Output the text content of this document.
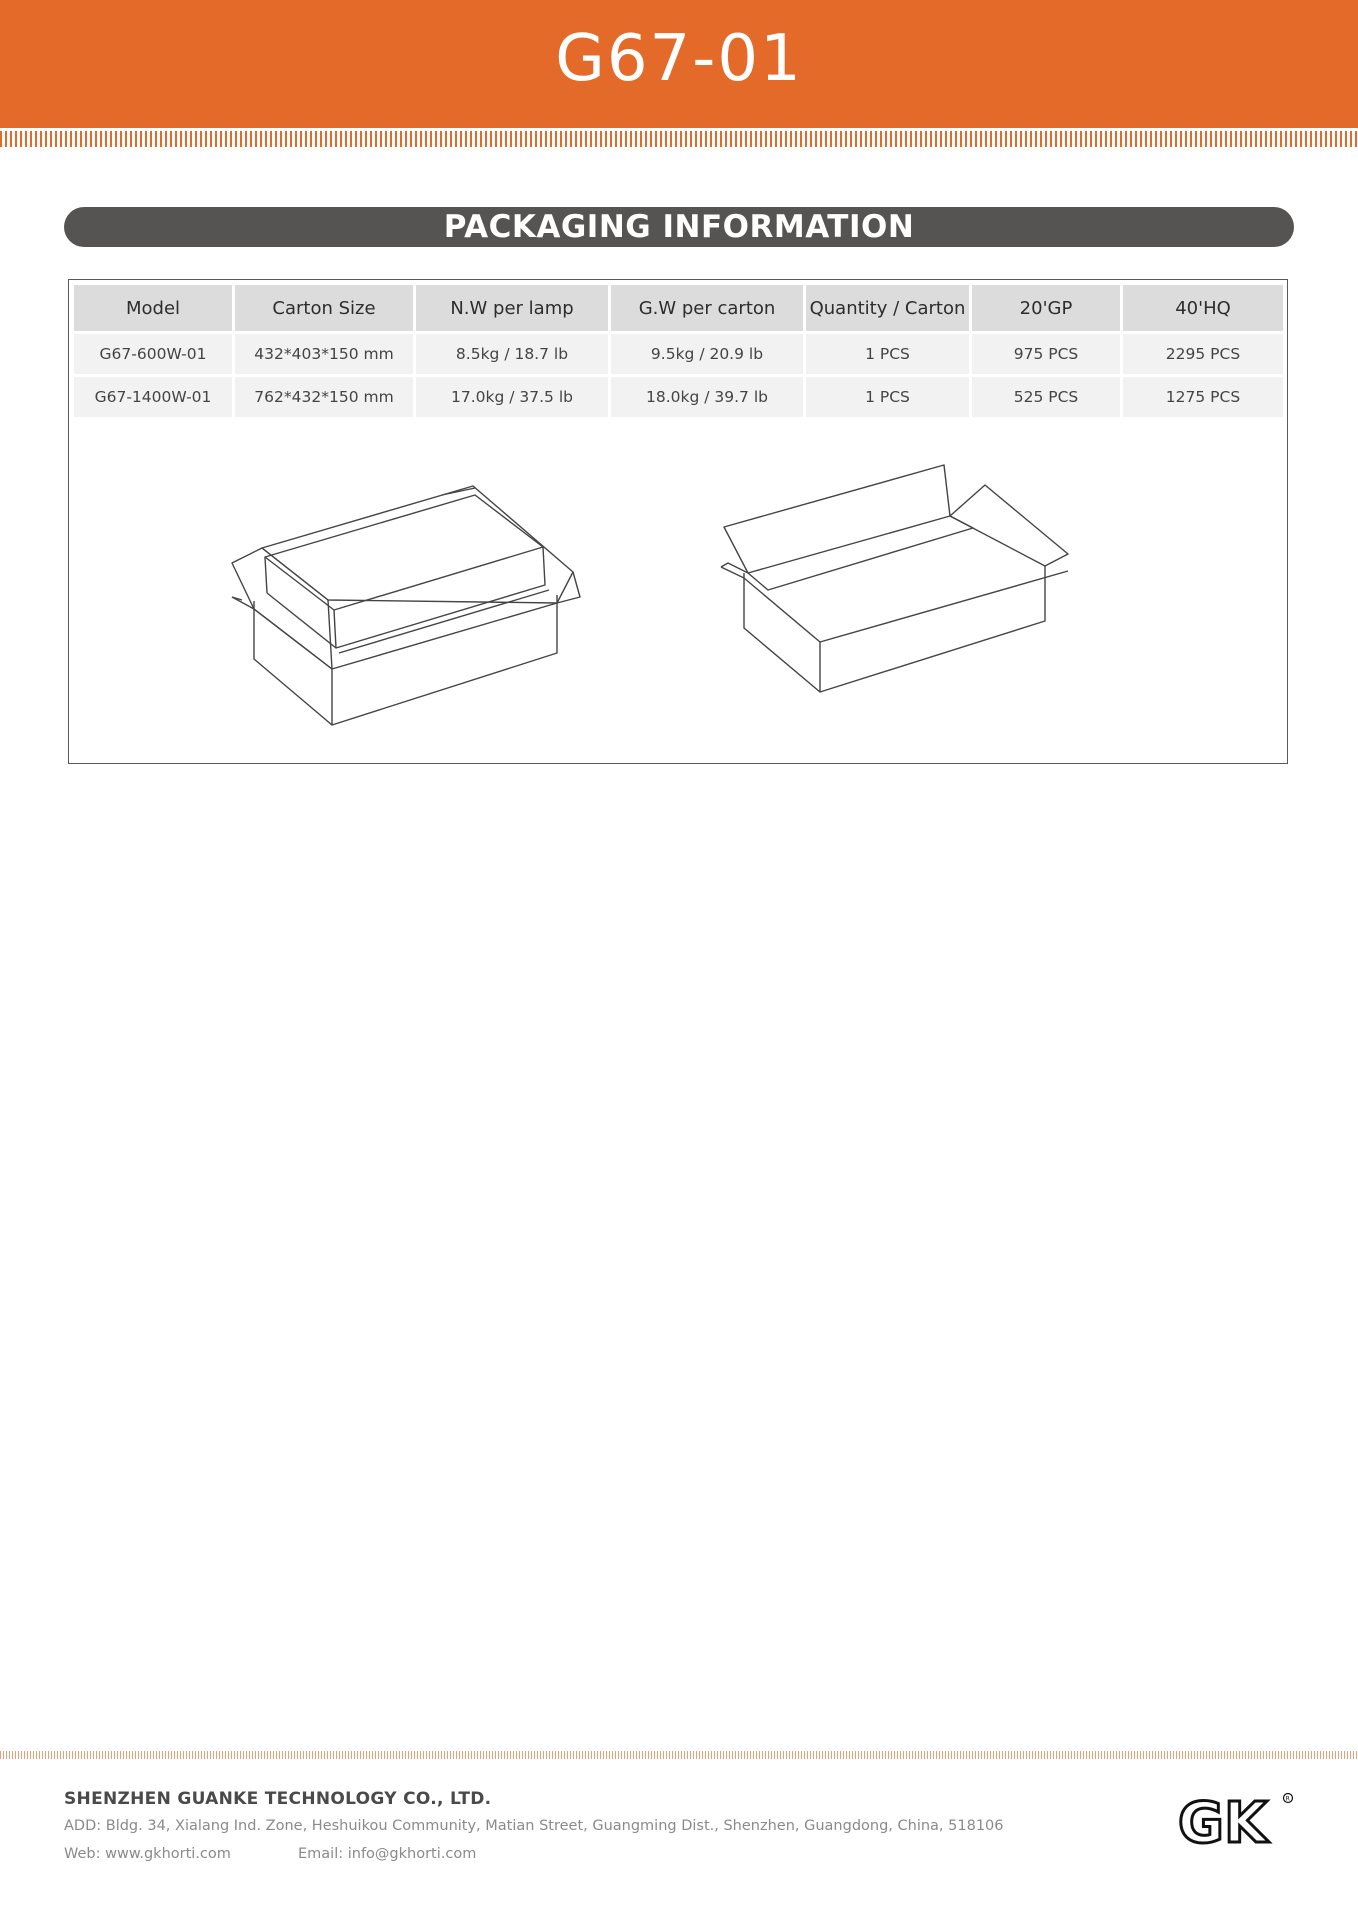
G67-01
PACKAGING INFORMATION
Model	Carton Size	N.W per lamp	G.W per carton	Quantity / Carton	20'GP	40'HQ
G67-600W-01	432*403*150 mm	8.5kg / 18.7 lb	9.5kg / 20.9 lb	1 PCS	975 PCS	2295 PCS
G67-1400W-01	762*432*150 mm	17.0kg / 37.5 lb	18.0kg / 39.7 lb	1 PCS	525 PCS	1275 PCS
SHENZHEN GUANKE TECHNOLOGY CO., LTD.
ADD: Bldg. 34, Xialang Ind. Zone, Heshuikou Community, Matian Street, Guangming Dist., Shenzhen, Guangdong, China, 518106
Web: www.gkhorti.com	Email: info@gkhorti.com	GK	R
